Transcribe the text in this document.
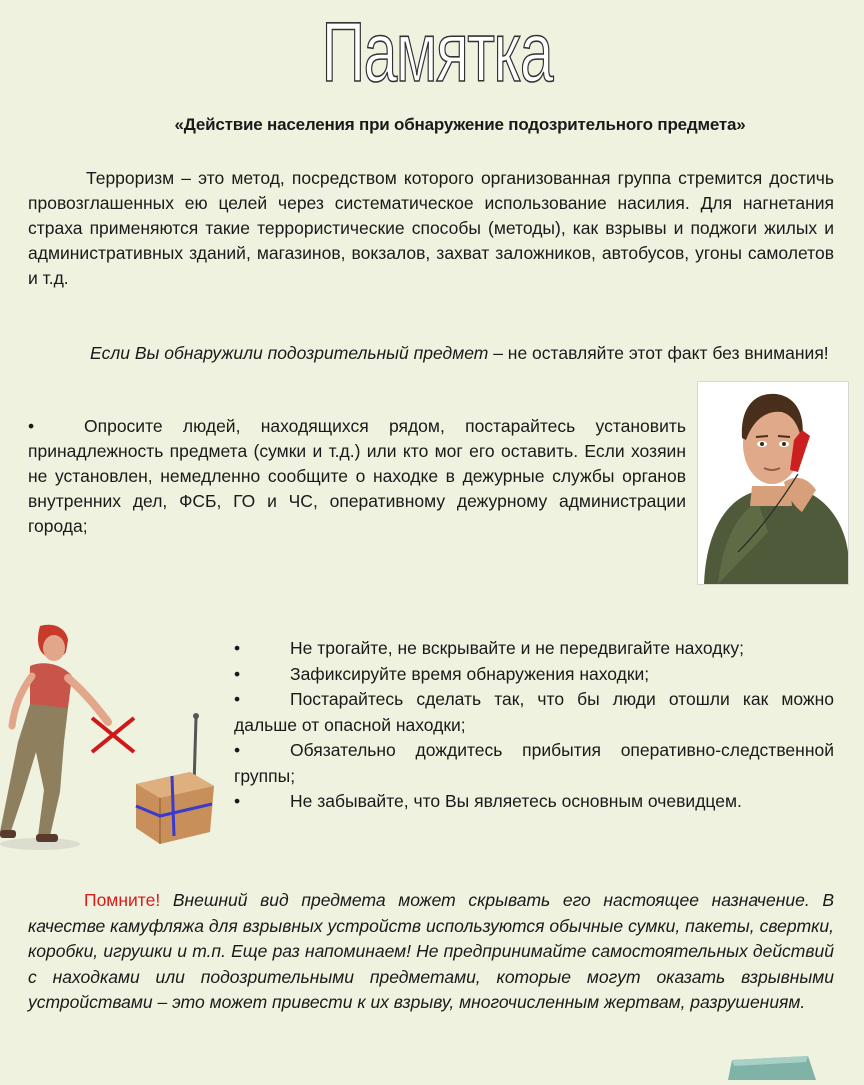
Памятка
«Действие населения при обнаружение подозрительного предмета»

Терроризм – это метод, посредством которого организованная группа стремится достичь провозглашенных ею целей через систематическое использование насилия. Для нагнетания страха применяются такие террористические способы (методы), как взрывы и поджоги жилых и административных зданий, магазинов, вокзалов, захват заложников, автобусов, угоны самолетов и т.д.

Если Вы обнаружили подозрительный предмет – не оставляйте этот факт без внимания!

•	Опросите людей, находящихся рядом, постарайтесь установить принадлежность предмета (сумки и т.д.) или кто мог его оставить. Если хозяин не установлен, немедленно сообщите о находке в дежурные службы органов внутренних дел, ФСБ, ГО и ЧС, оперативному дежурному администрации города;

•	Не трогайте, не вскрывайте и не передвигайте находку;
•	Зафиксируйте время обнаружения находки;
•	Постарайтесь сделать так, что бы люди отошли как можно дальше от опасной находки;
•	Обязательно дождитесь прибытия оперативно-следственной группы;
•	Не забывайте, что Вы являетесь основным очевидцем.

Помните! Внешний вид предмета может скрывать его настоящее назначение. В качестве камуфляжа для взрывных устройств используются обычные сумки, пакеты, свертки, коробки, игрушки и т.п. Еще раз напоминаем! Не предпринимайте самостоятельных действий с находками или подозрительными предметами, которые могут оказать взрывными устройствами – это может привести к их взрыву, многочисленным жертвам, разрушениям.
